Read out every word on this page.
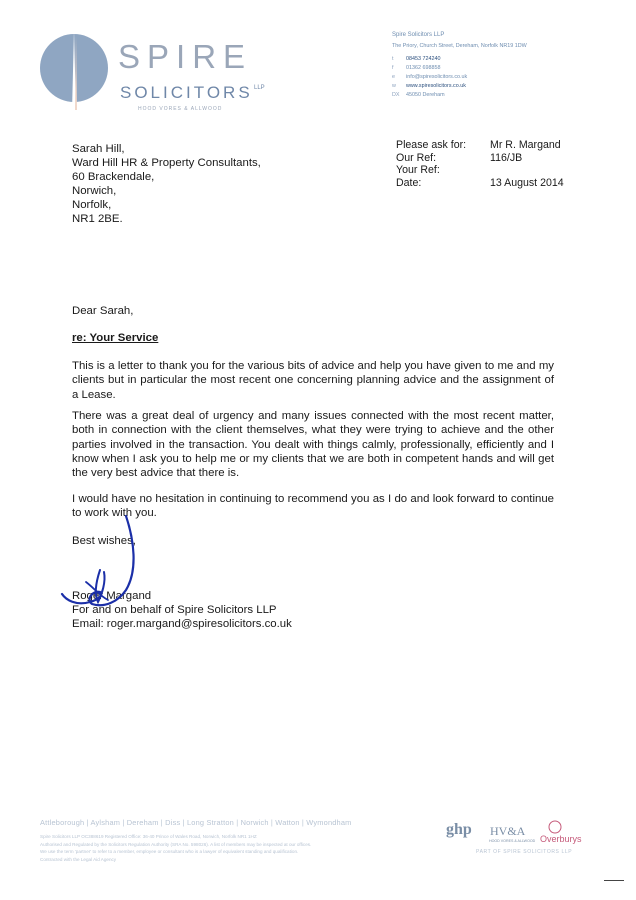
SPIRE
SOLICITORS LLP
HOOD VORES & ALLWOOD
Spire Solicitors LLP
The Priory, Church Street, Dereham, Norfolk NR19 1DW
t	08453 724240
f	01362 698858
e	info@spiresolicitors.co.uk
w	www.spiresolicitors.co.uk
DX	45050 Dereham
Sarah Hill,
Ward Hill HR & Property Consultants,
60 Brackendale,
Norwich,
Norfolk,
NR1 2BE.
Please ask for:	Mr R. Margand
Our Ref:	116/JB
Your Ref:
Date:	13 August 2014
Dear Sarah,
re: Your Service
This is a letter to thank you for the various bits of advice and help you have given to me and my clients but in particular the most recent one concerning planning advice and the assignment of a Lease.
There was a great deal of urgency and many issues connected with the most recent matter, both in connection with the client themselves, what they were trying to achieve and the other parties involved in the transaction. You dealt with things calmly, professionally, efficiently and I know when I ask you to help me or my clients that we are both in competent hands and will get the very best advice that there is.
I would have no hesitation in continuing to recommend you as I do and look forward to continue to work with you.
Best wishes,
Roger Margand
For and on behalf of Spire Solicitors LLP
Email: roger.margand@spiresolicitors.co.uk
Attleborough | Aylsham | Dereham | Diss | Long Stratton | Norwich | Watton | Wymondham
Spire Solicitors LLP OC388619 Registered Office: 36-40 Prince of Wales Road, Norwich, Norfolk NR1 1HZ
Authorised and Regulated by the Solicitors Regulation Authority (SRA No. 598026). A list of members may be inspected at our offices.
We use the term 'partner' to refer to a member, employee or consultant who is a lawyer of equivalent standing and qualification.
Contracted with the Legal Aid Agency
ghp HV&A
HOOD VORES & ALLWOOD Overburys
PART OF SPIRE SOLICITORS LLP
